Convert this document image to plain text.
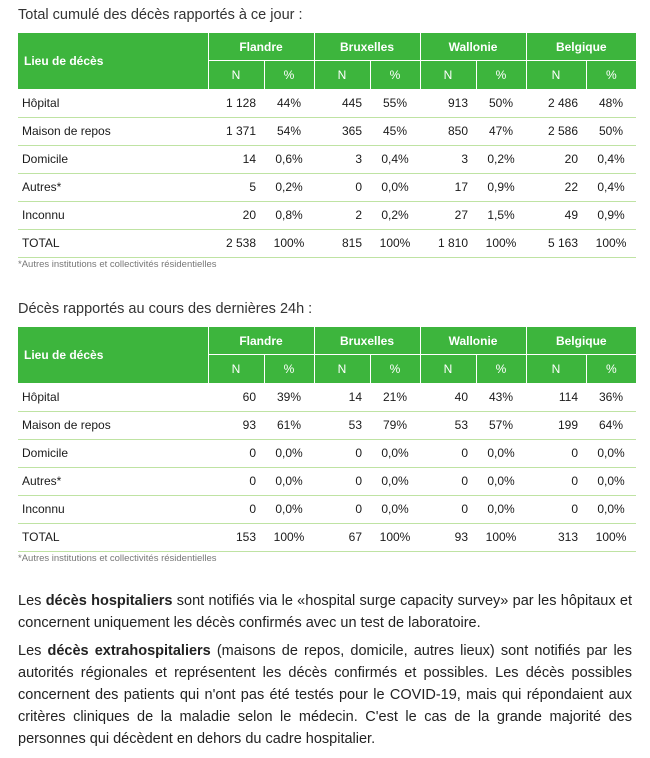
Total cumulé des décès rapportés à ce jour :
Lieu de décès	Flandre		Bruxelles		Wallonie		Belgique	
	N	%	N	%	N	%	N	%
Hôpital	1 128	44%	445	55%	913	50%	2 486	48%
Maison de repos	1 371	54%	365	45%	850	47%	2 586	50%
Domicile	14	0,6%	3	0,4%	3	0,2%	20	0,4%
Autres*	5	0,2%	0	0,0%	17	0,9%	22	0,4%
Inconnu	20	0,8%	2	0,2%	27	1,5%	49	0,9%
TOTAL	2 538	100%	815	100%	1 810	100%	5 163	100%
*Autres institutions et collectivités résidentielles
Décès rapportés au cours des dernières 24h :
Lieu de décès	Flandre		Bruxelles		Wallonie		Belgique	
	N	%	N	%	N	%	N	%
Hôpital	60	39%	14	21%	40	43%	114	36%
Maison de repos	93	61%	53	79%	53	57%	199	64%
Domicile	0	0,0%	0	0,0%	0	0,0%	0	0,0%
Autres*	0	0,0%	0	0,0%	0	0,0%	0	0,0%
Inconnu	0	0,0%	0	0,0%	0	0,0%	0	0,0%
TOTAL	153	100%	67	100%	93	100%	313	100%
*Autres institutions et collectivités résidentielles

Les décès hospitaliers sont notifiés via le «hospital surge capacity survey» par les hôpitaux et concernent uniquement les décès confirmés avec un test de laboratoire.

Les décès extrahospitaliers (maisons de repos, domicile, autres lieux) sont notifiés par les autorités régionales et représentent les décès confirmés et possibles. Les décès possibles concernent des patients qui n'ont pas été testés pour le COVID-19, mais qui répondaient aux critères cliniques de la maladie selon le médecin. C'est le cas de la grande majorité des personnes qui décèdent en dehors du cadre hospitalier.
